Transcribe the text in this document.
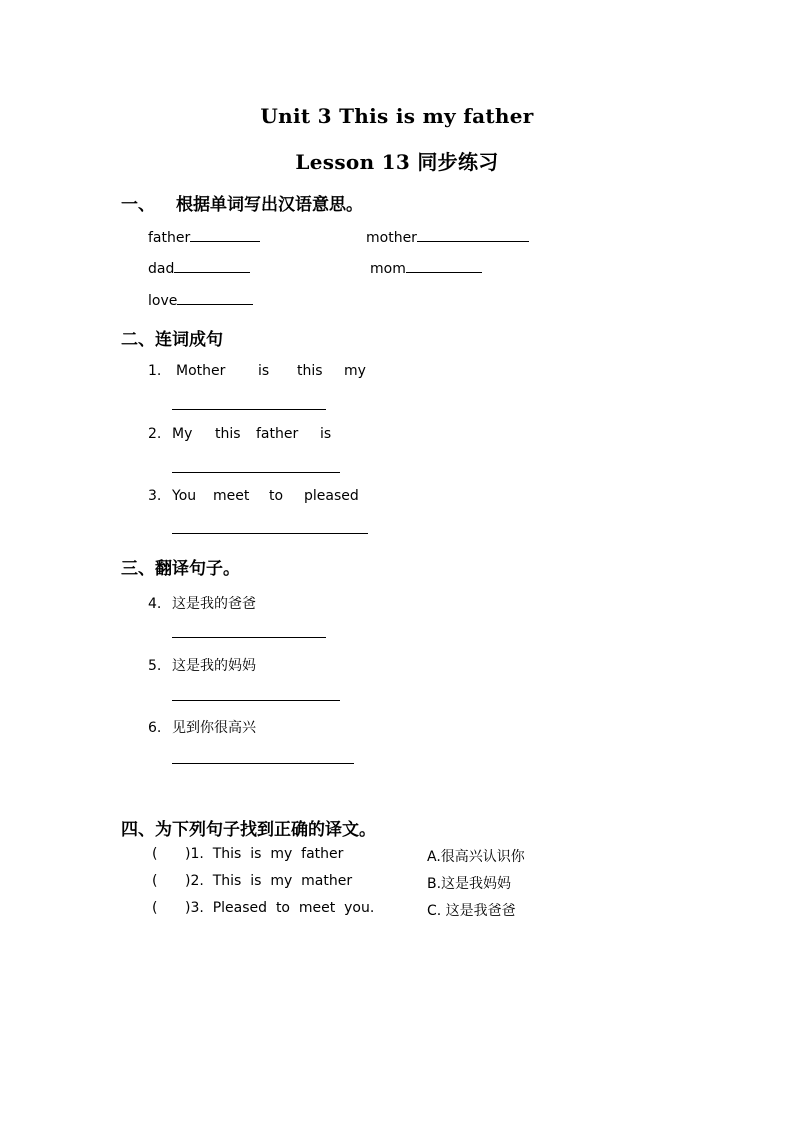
Unit 3 This is my father
Lesson 13 同步练习
一、 根据单词写出汉语意思。
father	mother
dad	mom
love
二、连词成句
1. Mother is this my
2. My this father is
3. You meet to pleased
三、翻译句子。
4. 这是我的爸爸
5. 这是我的妈妈
6. 见到你很高兴
四、为下列句子找到正确的译文。
( )1.  This  is  my  father	A.很高兴认识你
( )2.  This  is  my  mather	B.这是我妈妈
( )3.  Pleased  to  meet  you.	C. 这是我爸爸
